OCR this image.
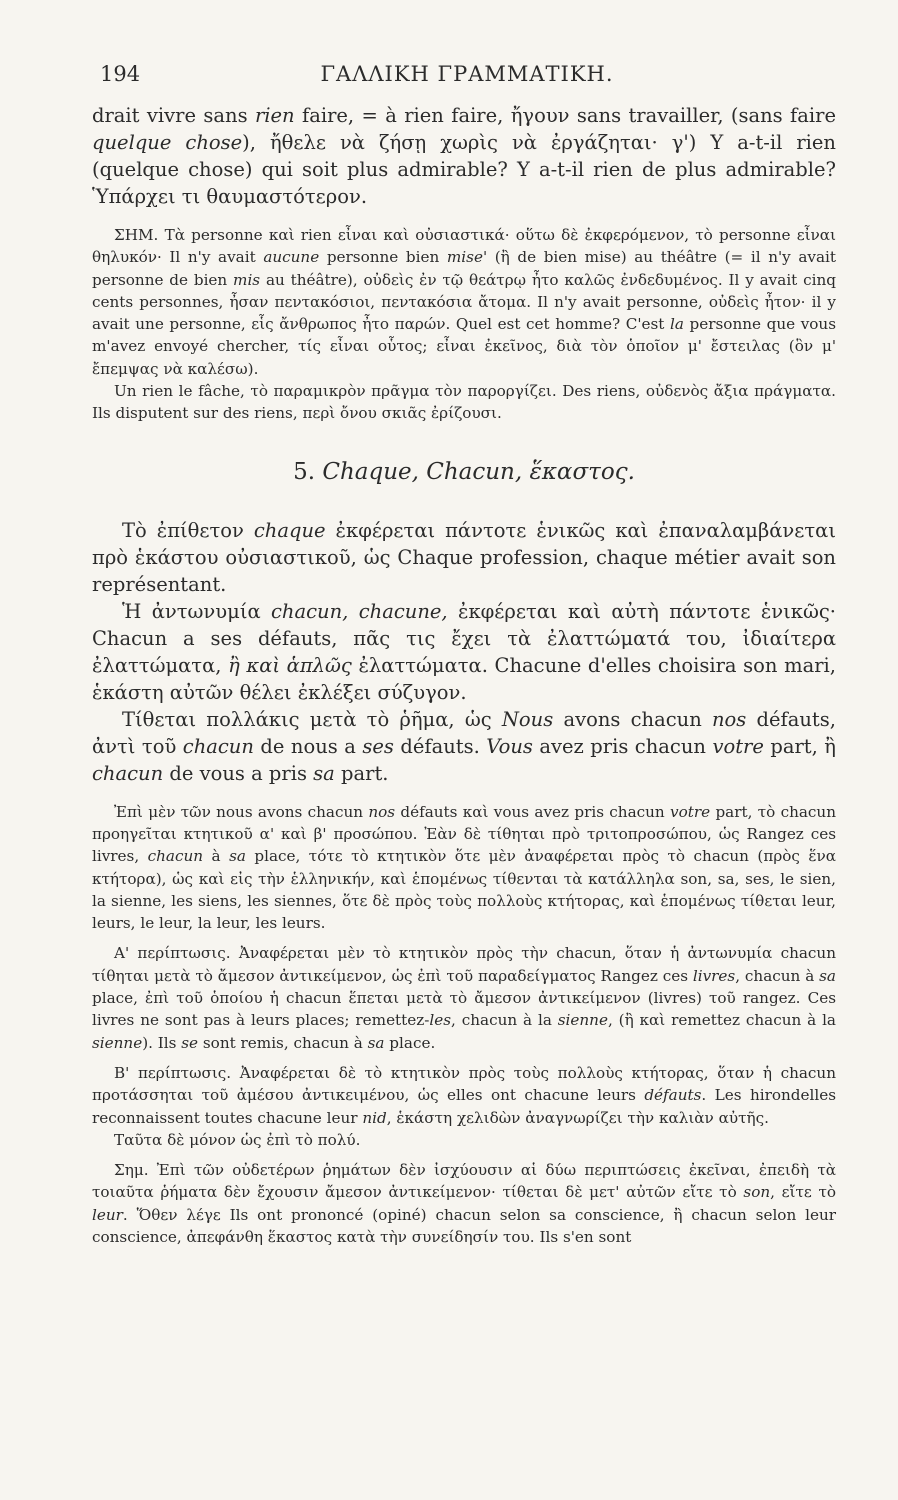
194	ΓΑΛΛΙΚΗ ΓΡΑΜΜΑΤΙΚΗ.

drait vivre sans rien faire, = à rien faire, ἤγουν sans travailler, (sans faire quelque chose), ἤθελε νὰ ζήσῃ χωρὶς νὰ ἐργάζηται· γ') Y a-t-il rien (quelque chose) qui soit plus admirable? Y a-t-il rien de plus admirable? Ὑπάρχει τι θαυμαστότερον.

ΣΗΜ. Τὰ personne καὶ rien εἶναι καὶ οὐσιαστικά· οὕτω δὲ ἐκφερόμενον, τὸ personne εἶναι θηλυκόν· Il n'y avait aucune personne bien mise' (ἢ de bien mise) au théâtre (= il n'y avait personne de bien mis au théâtre), οὐδεὶς ἐν τῷ θεάτρῳ ἦτο καλῶς ἐνδεδυμένος. Il y avait cinq cents personnes, ἦσαν πεντακόσιοι, πεντακόσια ἄτομα. Il n'y avait personne, οὐδεὶς ἦτον· il y avait une personne, εἷς ἄνθρωπος ἦτο παρών. Quel est cet homme? C'est la personne que vous m'avez envoyé chercher, τίς εἶναι οὗτος; εἶναι ἐκεῖνος, διὰ τὸν ὁποῖον μ' ἔστειλας (ὃν μ' ἔπεμψας νὰ καλέσω).

Un rien le fâche, τὸ παραμικρὸν πρᾶγμα τὸν παροργίζει. Des riens, οὐδενὸς ἄξια πράγματα. Ils disputent sur des riens, περὶ ὄνου σκιᾶς ἐρίζουσι.

5. Chaque, Chacun, ἕκαστος.

Τὸ ἐπίθετον chaque ἐκφέρεται πάντοτε ἑνικῶς καὶ ἐπαναλαμβάνεται πρὸ ἑκάστου οὐσιαστικοῦ, ὡς Chaque profession, chaque métier avait son représentant.

Ἡ ἀντωνυμία chacun, chacune, ἐκφέρεται καὶ αὐτὴ πάντοτε ἑνικῶς· Chacun a ses défauts, πᾶς τις ἔχει τὰ ἐλαττώματά του, ἰδιαίτερα ἐλαττώματα, ἢ καὶ ἁπλῶς ἐλαττώματα. Chacune d'elles choisira son mari, ἑκάστη αὐτῶν θέλει ἐκλέξει σύζυγον.

Τίθεται πολλάκις μετὰ τὸ ῥῆμα, ὡς Nous avons chacun nos défauts, ἀντὶ τοῦ chacun de nous a ses défauts. Vous avez pris chacun votre part, ἢ chacun de vous a pris sa part.

Ἐπὶ μὲν τῶν nous avons chacun nos défauts καὶ vous avez pris chacun votre part, τὸ chacun προηγεῖται κτητικοῦ α' καὶ β' προσώπου. Ἐὰν δὲ τίθηται πρὸ τριτοπροσώπου, ὡς Rangez ces livres, chacun à sa place, τότε τὸ κτητικὸν ὅτε μὲν ἀναφέρεται πρὸς τὸ chacun (πρὸς ἕνα κτήτορα), ὡς καὶ εἰς τὴν ἑλληνικήν, καὶ ἑπομένως τίθενται τὰ κατάλληλα son, sa, ses, le sien, la sienne, les siens, les siennes, ὅτε δὲ πρὸς τοὺς πολλοὺς κτήτορας, καὶ ἑπομένως τίθεται leur, leurs, le leur, la leur, les leurs.

Α' περίπτωσις. Ἀναφέρεται μὲν τὸ κτητικὸν πρὸς τὴν chacun, ὅταν ἡ ἀντωνυμία chacun τίθηται μετὰ τὸ ἄμεσον ἀντικείμενον, ὡς ἐπὶ τοῦ παραδείγματος Rangez ces livres, chacun à sa place, ἐπὶ τοῦ ὁποίου ἡ chacun ἕπεται μετὰ τὸ ἄμεσον ἀντικείμενον (livres) τοῦ rangez. Ces livres ne sont pas à leurs places; remettez-les, chacun à la sienne, (ἢ καὶ remettez chacun à la sienne). Ils se sont remis, chacun à sa place.

Β' περίπτωσις. Ἀναφέρεται δὲ τὸ κτητικὸν πρὸς τοὺς πολλοὺς κτήτορας, ὅταν ἡ chacun προτάσσηται τοῦ ἀμέσου ἀντικειμένου, ὡς elles ont chacune leurs défauts. Les hirondelles reconnaissent toutes chacune leur nid, ἑκάστη χελιδὼν ἀναγνωρίζει τὴν καλιὰν αὐτῆς.

Ταῦτα δὲ μόνον ὡς ἐπὶ τὸ πολύ.

Σημ. Ἐπὶ τῶν οὐδετέρων ῥημάτων δὲν ἰσχύουσιν αἱ δύω περιπτώσεις ἐκεῖναι, ἐπειδὴ τὰ τοιαῦτα ῥήματα δὲν ἔχουσιν ἄμεσον ἀντικείμενον· τίθεται δὲ μετ' αὐτῶν εἴτε τὸ son, εἴτε τὸ leur. Ὅθεν λέγε Ils ont prononcé (opiné) chacun selon sa conscience, ἢ chacun selon leur conscience, ἀπεφάνθη ἕκαστος κατὰ τὴν συνείδησίν του. Ils s'en sont
